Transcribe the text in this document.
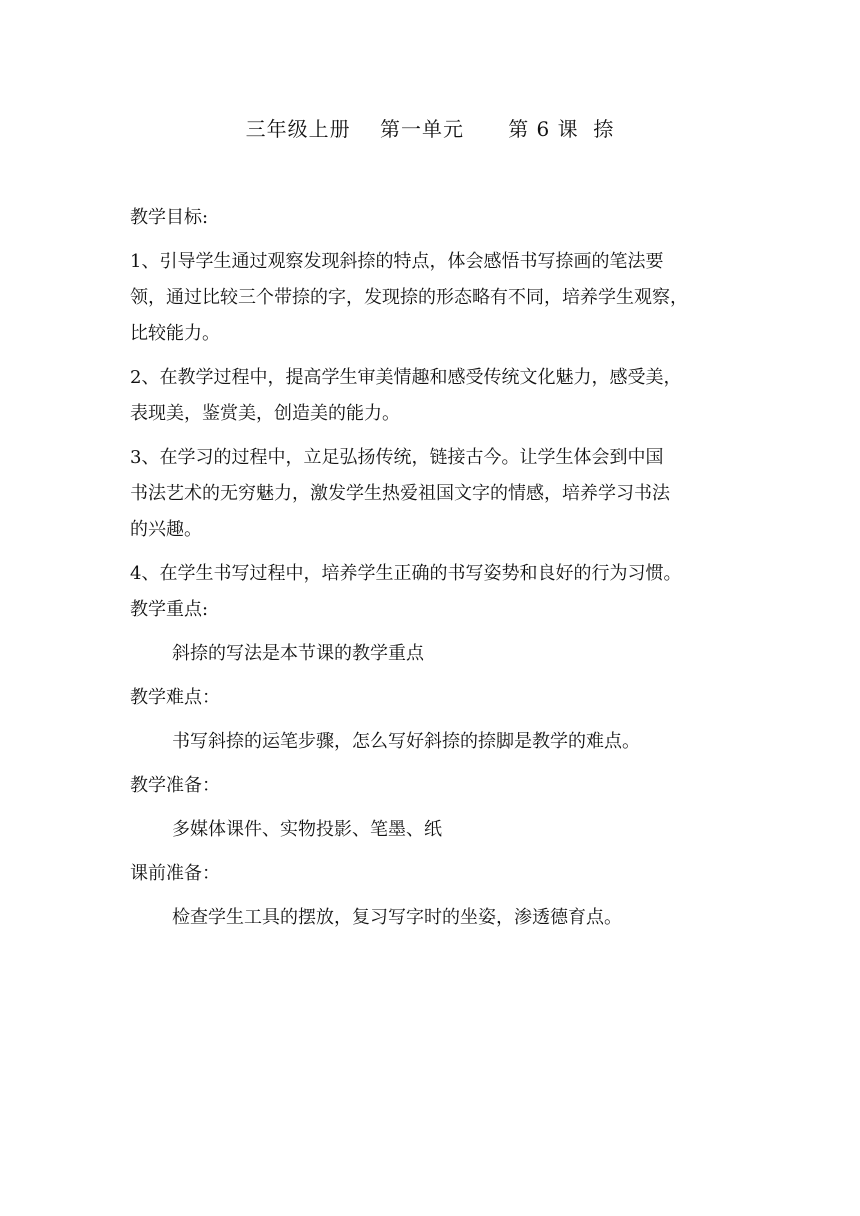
三年级上册    第一单元      第 6 课  捺
教学目标:
1、引导学生通过观察发现斜捺的特点，体会感悟书写捺画的笔法要
领，通过比较三个带捺的字，发现捺的形态略有不同，培养学生观察，
比较能力。
2、在教学过程中，提高学生审美情趣和感受传统文化魅力，感受美，
表现美，鉴赏美，创造美的能力。
3、在学习的过程中，立足弘扬传统，链接古今。让学生体会到中国
书法艺术的无穷魅力，激发学生热爱祖国文字的情感，培养学习书法
的兴趣。
4、在学生书写过程中，培养学生正确的书写姿势和良好的行为习惯。
教学重点:
斜捺的写法是本节课的教学重点
教学难点：
书写斜捺的运笔步骤，怎么写好斜捺的捺脚是教学的难点。
教学准备：
多媒体课件、实物投影、笔墨、纸
课前准备：
检查学生工具的摆放，复习写字时的坐姿，渗透德育点。
